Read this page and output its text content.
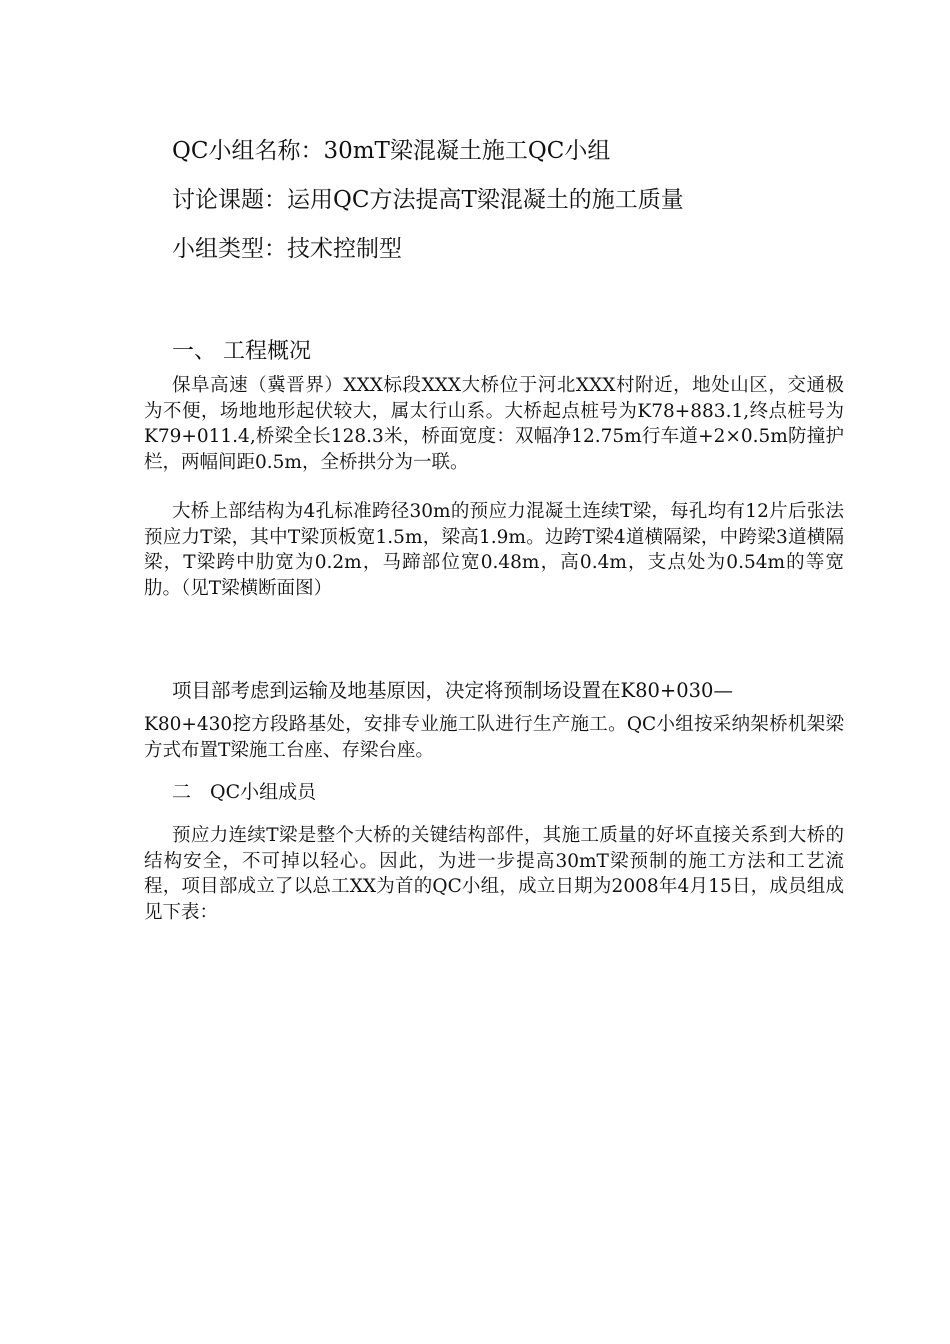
QC小组名称：30mT梁混凝土施工QC小组
讨论课题：运用QC方法提高T梁混凝土的施工质量
小组类型：技术控制型
一、 工程概况
保阜高速（冀晋界）XXX标段XXX大桥位于河北XXX村附近，地处山区，交通极为不便，场地地形起伏较大，属太行山系。大桥起点桩号为K78+883.1,终点桩号为K79+011.4,桥梁全长128.3米，桥面宽度：双幅净12.75m行车道+2×0.5m防撞护栏，两幅间距0.5m，全桥拱分为一联。
大桥上部结构为4孔标准跨径30m的预应力混凝土连续T梁，每孔均有12片后张法预应力T梁，其中T梁顶板宽1.5m，梁高1.9m。边跨T梁4道横隔梁，中跨梁3道横隔梁，T梁跨中肋宽为0.2m，马蹄部位宽0.48m，高0.4m，支点处为0.54m的等宽肋。（见T梁横断面图）
项目部考虑到运输及地基原因，决定将预制场设置在K80+030—
K80+430挖方段路基处，安排专业施工队进行生产施工。QC小组按采纳架桥机架梁方式布置T梁施工台座、存梁台座。
二　QC小组成员
预应力连续T梁是整个大桥的关键结构部件，其施工质量的好坏直接关系到大桥的结构安全，不可掉以轻心。因此，为进一步提高30mT梁预制的施工方法和工艺流程，项目部成立了以总工XX为首的QC小组，成立日期为2008年4月15日，成员组成见下表：
